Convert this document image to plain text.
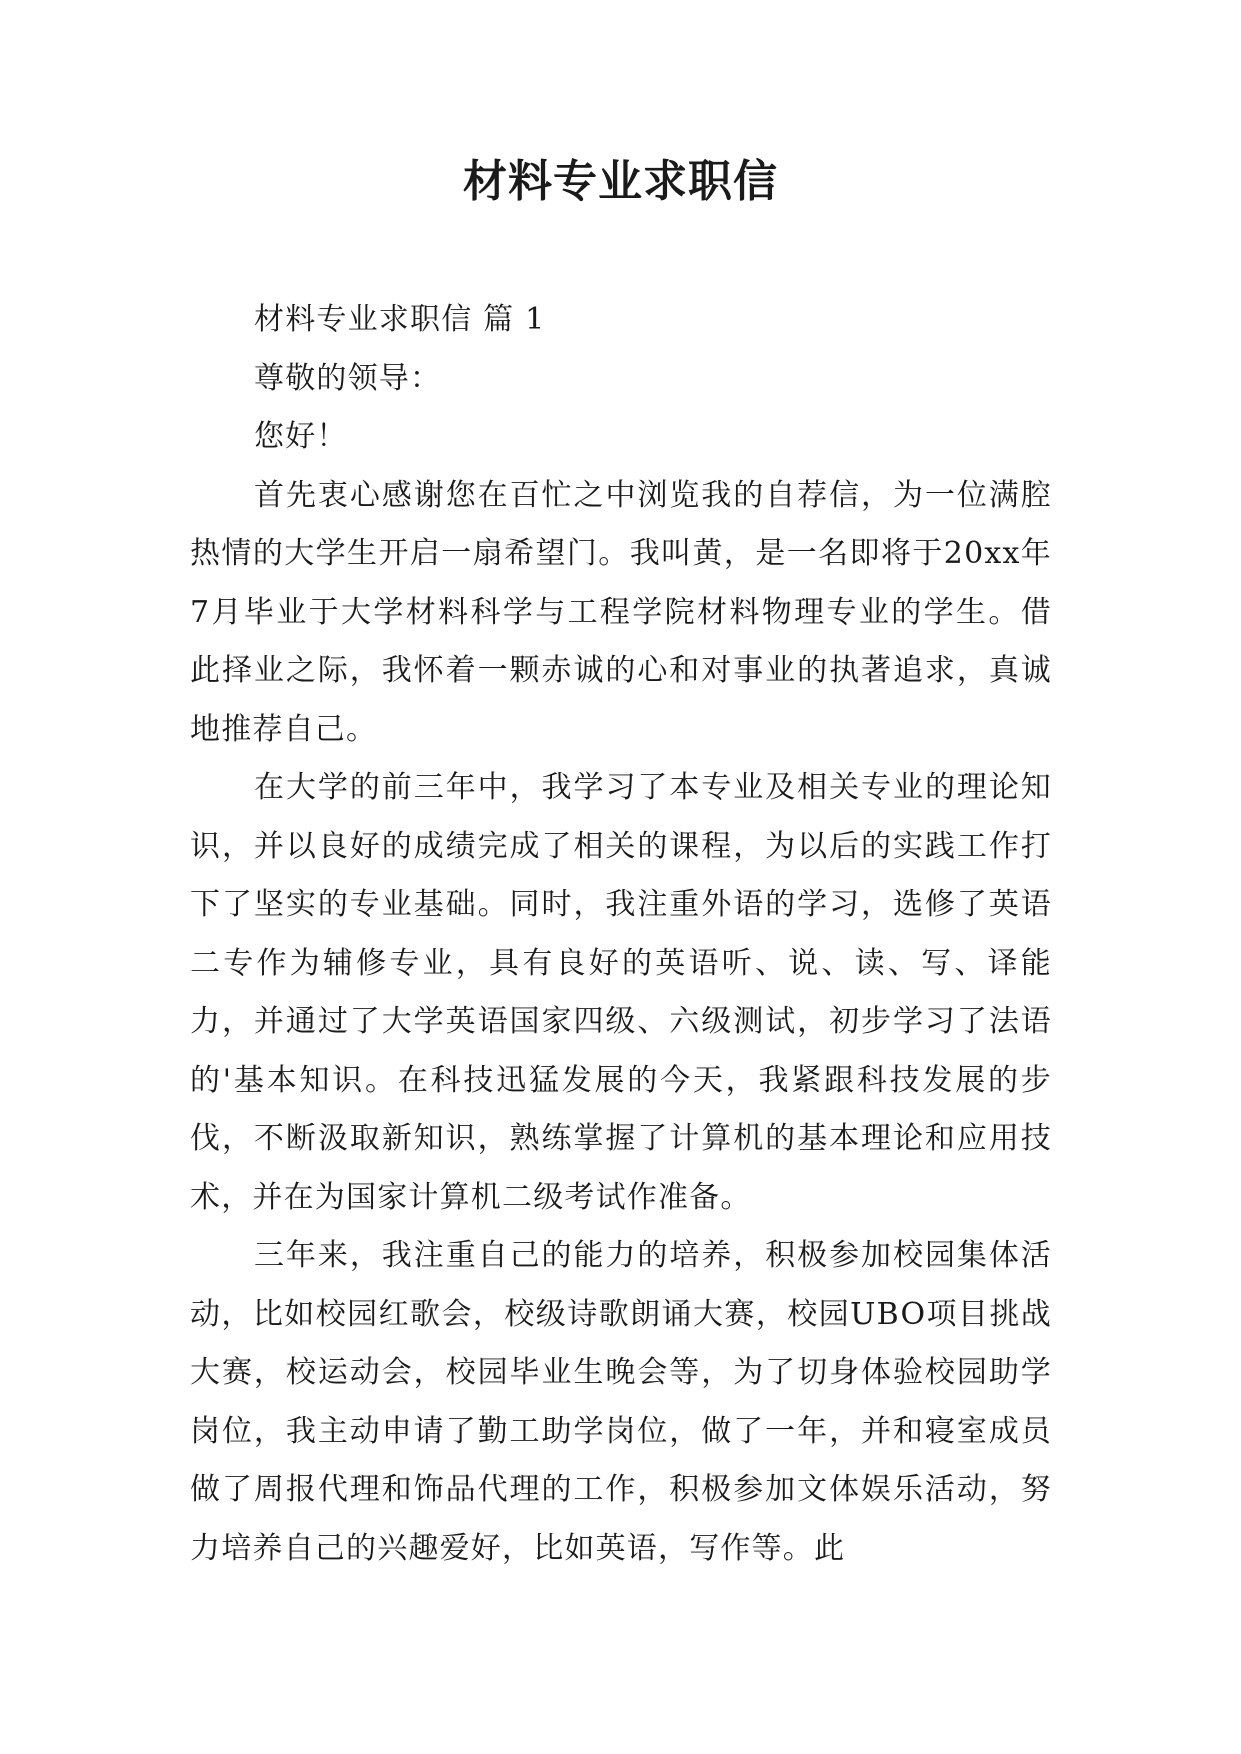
材料专业求职信

材料专业求职信 篇 1

尊敬的领导：

您好！

首先衷心感谢您在百忙之中浏览我的自荐信，为一位满腔热情的大学生开启一扇希望门。我叫黄，是一名即将于20xx年7月毕业于大学材料科学与工程学院材料物理专业的学生。借此择业之际，我怀着一颗赤诚的心和对事业的执著追求，真诚地推荐自己。

在大学的前三年中，我学习了本专业及相关专业的理论知识，并以良好的成绩完成了相关的课程，为以后的实践工作打下了坚实的专业基础。同时，我注重外语的学习，选修了英语二专作为辅修专业，具有良好的英语听、说、读、写、译能力，并通过了大学英语国家四级、六级测试，初步学习了法语的'基本知识。在科技迅猛发展的今天，我紧跟科技发展的步伐，不断汲取新知识，熟练掌握了计算机的基本理论和应用技术，并在为国家计算机二级考试作准备。

三年来，我注重自己的能力的培养，积极参加校园集体活动，比如校园红歌会，校级诗歌朗诵大赛，校园UBO项目挑战大赛，校运动会，校园毕业生晚会等，为了切身体验校园助学岗位，我主动申请了勤工助学岗位，做了一年，并和寝室成员做了周报代理和饰品代理的工作，积极参加文体娱乐活动，努力培养自己的兴趣爱好，比如英语，写作等。此
